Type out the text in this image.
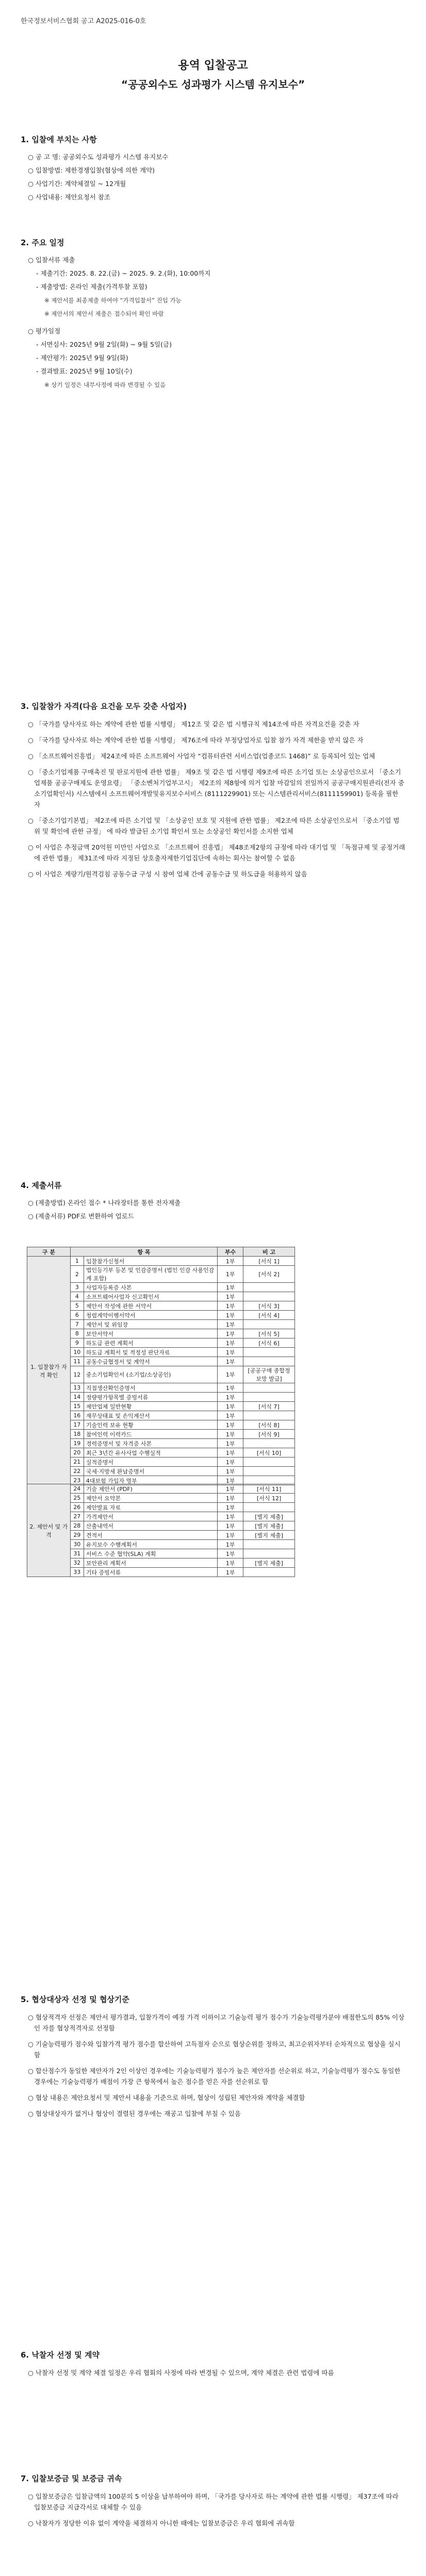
한국정보서비스협회 공고 A2025-016-0호
용역 입찰공고
“공공외수도 성과평가 시스템 유지보수”
1. 입찰에 부치는 사항
○ 공 고 명: 공공외수도 성과평가 시스템 유지보수
○ 입찰방법: 제한경쟁입찰(협상에 의한 계약)
○ 사업기간: 계약체결일 ~ 12개월
○ 사업내용: 제안요청서 참조
2. 주요 일정
○ 입찰서류 제출
- 제출기간: 2025. 8. 22.(금) ~ 2025. 9. 2.(화), 10:00까지
- 제출방법: 온라인 제출(가격투찰 포함)
※ 제안서를 최종제출 하여야 “가격입찰서” 진입 가능
※ 제안서의 제안서 제출은 접수되어 확인 바람
○ 평가일정
- 서면심사: 2025년 9월 2일(화) ~ 9월 5일(금)
- 제안평가: 2025년 9월 9일(화)
- 결과발표: 2025년 9월 10일(수)
※ 상기 일정은 내부사정에 따라 변경될 수 있음
3. 입찰참가 자격(다음 요건을 모두 갖춘 사업자)
○ 「국가를 당사자로 하는 계약에 관한 법률 시행령」 제12조 및 같은 법 시행규칙 제14조에 따른 자격요건을 갖춘 자
○ 「국가를 당사자로 하는 계약에 관한 법률 시행령」 제76조에 따라 부정당업자로 입찰 참가 자격 제한을 받지 않은 자
○ 「소프트웨어진흥법」 제24조에 따른 소프트웨어 사업자 “컴퓨터관련 서비스업(업종코드 1468)” 로 등록되어 있는 업체
○ 「중소기업제품 구매촉진 및 판로지원에 관한 법률」 제9조 및 같은 법 시행령 제9조에 따른 소기업 또는 소상공인으로서 「중소기업제품 공공구매제도 운영요령」 「중소벤처기업부고시」 제2조의 제8항에 의거 입찰 마감일의 전일까지 공공구매지원관리(전자 중소기업확인서) 시스템에서 소프트웨어개발및유지보수서비스 (8111229901) 또는 시스템관리서비스(8111159901) 등록을 필한 자
○ 「중소기업기본법」 제2조에 따른 소기업 및 「소상공인 보호 및 지원에 관한 법률」 제2조에 따른 소상공인으로서 「중소기업 범위 및 확인에 관한 규정」 에 따라 발급된 소기업 확인서 또는 소상공인 확인서를 소지한 업체
○ 이 사업은 추정금액 20억원 미만인 사업으로 「소프트웨어 진흥법」 제48조제2항의 규정에 따라 대기업 및 「독점규제 및 공정거래에 관한 법률」 제31조에 따라 지정된 상호출자제한기업집단에 속하는 회사는 참여할 수 없음
○ 이 사업은 계량기/원격검침 공동수급 구성 시 참여 업체 간에 공동수급 및 하도급을 허용하지 않음
4. 제출서류
○ (제출방법) 온라인 접수 * 나라장터를 통한 전자제출
○ (제출서류) PDF로 변환하여 업로드
구 분	항 목		부수	비 고
1. 입찰참가 자격 확인	1	입찰참가신청서	1부	[서식 1]
	2	법인등기부 등본 및 인감증명서 (법인 인감 사용인감계 포함)	1부	[서식 2]
	3	사업자등록증 사본	1부	
	4	소프트웨어사업자 신고확인서	1부	
	5	제안서 작성에 관한 서약서	1부	[서식 3]
	6	청렴계약이행서약서	1부	[서식 4]
	7	제안서 및 위임장	1부	
	8	보안서약서	1부	[서식 5]
	9	하도급 관련 계획서	1부	[서식 6]
	10	하도급 계획서 및 적정성 판단자료	1부	
	11	공동수급협정서 및 계약서	1부	
	12	중소기업확인서 (소기업/소상공인)	1부	[공공구매 종합정보망 발급]
	13	직접생산확인증명서	1부	
	14	정량평가항목별 증빙서류	1부	
	15	제안업체 일반현황	1부	[서식 7]
	16	재무상태표 및 손익계산서	1부	
	17	기술인력 보유 현황	1부	[서식 8]
	18	참여인력 이력카드	1부	[서식 9]
	19	경력증명서 및 자격증 사본	1부	
	20	최근 3년간 유사사업 수행실적	1부	[서식 10]
	21	실적증명서	1부	
	22	국세·지방세 완납증명서	1부	
	23	4대보험 가입자 명부	1부	
2. 제안서 및 가격	24	기술 제안서 (PDF)	1부	[서식 11]
	25	제안서 요약본	1부	[서식 12]
	26	제안발표 자료	1부	
	27	가격제안서	1부	[별지 제출]
	28	산출내역서	1부	[별지 제출]
	29	견적서	1부	[별지 제출]
	30	유지보수 수행계획서	1부	
	31	서비스 수준 협약(SLA) 계획	1부	
	32	보안관리 계획서	1부	[별지 제출]
	33	기타 증빙서류	1부	
5. 협상대상자 선정 및 협상기준
○ 협상적격자 선정은 제안서 평가결과, 입찰가격이 예정 가격 이하이고 기술능력 평가 점수가 기술능력평가분야 배점한도의 85% 이상인 자를 협상적격자로 선정함
○ 기술능력평가 점수와 입찰가격 평가 점수를 합산하여 고득점자 순으로 협상순위를 정하고, 최고순위자부터 순차적으로 협상을 실시함
○ 합산점수가 동일한 제안자가 2인 이상인 경우에는 기술능력평가 점수가 높은 제안자를 선순위로 하고, 기술능력평가 점수도 동일한 경우에는 기술능력평가 배점이 가장 큰 항목에서 높은 점수를 얻은 자를 선순위로 함
○ 협상 내용은 제안요청서 및 제안서 내용을 기준으로 하며, 협상이 성립된 제안자와 계약을 체결함
○ 협상대상자가 없거나 협상이 결렬된 경우에는 재공고 입찰에 부칠 수 있음
6. 낙찰자 선정 및 계약
○ 낙찰자 선정 및 계약 체결 일정은 우리 협회의 사정에 따라 변경될 수 있으며, 계약 체결은 관련 법령에 따름
7. 입찰보증금 및 보증금 귀속
○ 입찰보증금은 입찰금액의 100분의 5 이상을 납부하여야 하며, 「국가를 당사자로 하는 계약에 관한 법률 시행령」 제37조에 따라 입찰보증금 지급각서로 대체할 수 있음
○ 낙찰자가 정당한 이유 없이 계약을 체결하지 아니한 때에는 입찰보증금은 우리 협회에 귀속함
